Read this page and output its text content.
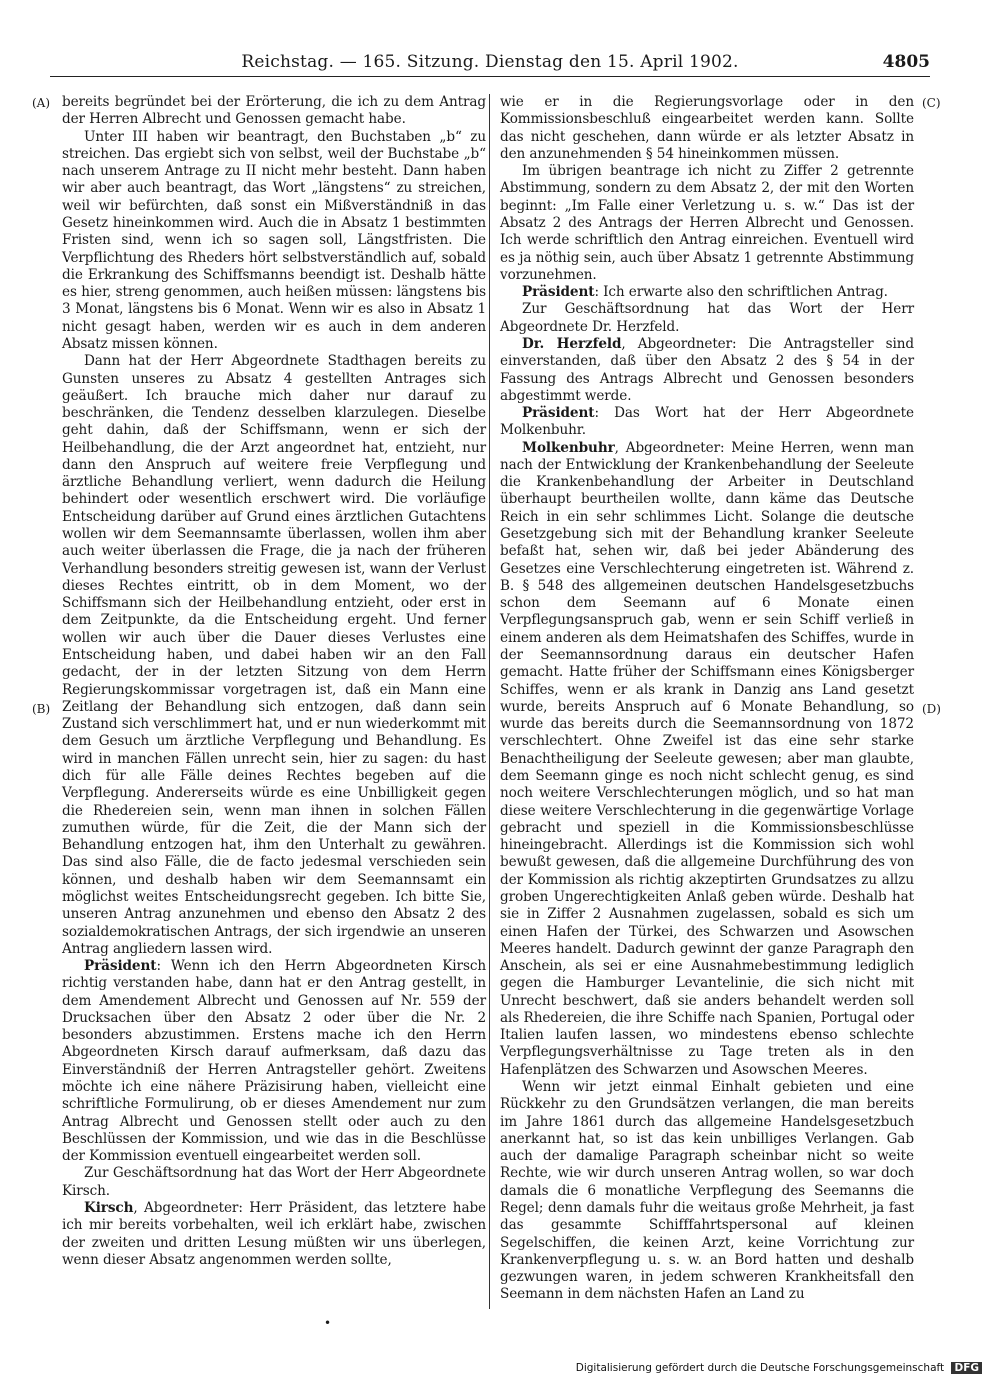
Reichstag. — 165. Sitzung. Dienstag den 15. April 1902.	4805
(A)
(B)
(C)
(D)

bereits begründet bei der Erörterung, die ich zu dem Antrag der Herren Albrecht und Genossen gemacht habe.

Unter III haben wir beantragt, den Buchstaben „b“ zu streichen. Das ergiebt sich von selbst, weil der Buchstabe „b“ nach unserem Antrage zu II nicht mehr besteht. Dann haben wir aber auch beantragt, das Wort „längstens“ zu streichen, weil wir befürchten, daß sonst ein Mißverständniß in das Gesetz hineinkommen wird. Auch die in Absatz 1 bestimmten Fristen sind, wenn ich so sagen soll, Längstfristen. Die Verpflichtung des Rheders hört selbstverständlich auf, sobald die Erkrankung des Schiffsmanns beendigt ist. Deshalb hätte es hier, streng genommen, auch heißen müssen: längstens bis 3 Monat, längstens bis 6 Monat. Wenn wir es also in Absatz 1 nicht gesagt haben, werden wir es auch in dem anderen Absatz missen können.

Dann hat der Herr Abgeordnete Stadthagen bereits zu Gunsten unseres zu Absatz 4 gestellten Antrages sich geäußert. Ich brauche mich daher nur darauf zu beschränken, die Tendenz desselben klarzulegen. Dieselbe geht dahin, daß der Schiffsmann, wenn er sich der Heilbehandlung, die der Arzt angeordnet hat, entzieht, nur dann den Anspruch auf weitere freie Verpflegung und ärztliche Behandlung verliert, wenn dadurch die Heilung behindert oder wesentlich erschwert wird. Die vorläufige Entscheidung darüber auf Grund eines ärztlichen Gutachtens wollen wir dem Seemannsamte überlassen, wollen ihm aber auch weiter überlassen die Frage, die ja nach der früheren Verhandlung besonders streitig gewesen ist, wann der Verlust dieses Rechtes eintritt, ob in dem Moment, wo der Schiffsmann sich der Heilbehandlung entzieht, oder erst in dem Zeitpunkte, da die Entscheidung ergeht. Und ferner wollen wir auch über die Dauer dieses Verlustes eine Entscheidung haben, und dabei haben wir an den Fall gedacht, der in der letzten Sitzung von dem Herrn Regierungskommissar vorgetragen ist, daß ein Mann eine Zeitlang der Behandlung sich entzogen, daß dann sein Zustand sich verschlimmert hat, und er nun wiederkommt mit dem Gesuch um ärztliche Verpflegung und Behandlung. Es wird in manchen Fällen unrecht sein, hier zu sagen: du hast dich für alle Fälle deines Rechtes begeben auf die Verpflegung. Andererseits würde es eine Unbilligkeit gegen die Rhedereien sein, wenn man ihnen in solchen Fällen zumuthen würde, für die Zeit, die der Mann sich der Behandlung entzogen hat, ihm den Unterhalt zu gewähren. Das sind also Fälle, die de facto jedesmal verschieden sein können, und deshalb haben wir dem Seemannsamt ein möglichst weites Entscheidungsrecht gegeben. Ich bitte Sie, unseren Antrag anzunehmen und ebenso den Absatz 2 des sozialdemokratischen Antrags, der sich irgendwie an unseren Antrag angliedern lassen wird.

Präsident: Wenn ich den Herrn Abgeordneten Kirsch richtig verstanden habe, dann hat er den Antrag gestellt, in dem Amendement Albrecht und Genossen auf Nr. 559 der Drucksachen über den Absatz 2 oder über die Nr. 2 besonders abzustimmen. Erstens mache ich den Herrn Abgeordneten Kirsch darauf aufmerksam, daß dazu das Einverständniß der Herren Antragsteller gehört. Zweitens möchte ich eine nähere Präzisirung haben, vielleicht eine schriftliche Formulirung, ob er dieses Amendement nur zum Antrag Albrecht und Genossen stellt oder auch zu den Beschlüssen der Kommission, und wie das in die Beschlüsse der Kommission eventuell eingearbeitet werden soll.

Zur Geschäftsordnung hat das Wort der Herr Abgeordnete Kirsch.

Kirsch, Abgeordneter: Herr Präsident, das letztere habe ich mir bereits vorbehalten, weil ich erklärt habe, zwischen der zweiten und dritten Lesung müßten wir uns überlegen, wenn dieser Absatz angenommen werden sollte,

wie er in die Regierungsvorlage oder in den Kommissionsbeschluß eingearbeitet werden kann. Sollte das nicht geschehen, dann würde er als letzter Absatz in den anzunehmenden § 54 hineinkommen müssen.

Im übrigen beantrage ich nicht zu Ziffer 2 getrennte Abstimmung, sondern zu dem Absatz 2, der mit den Worten beginnt: „Im Falle einer Verletzung u. s. w.“ Das ist der Absatz 2 des Antrags der Herren Albrecht und Genossen. Ich werde schriftlich den Antrag einreichen. Eventuell wird es ja nöthig sein, auch über Absatz 1 getrennte Abstimmung vorzunehmen.

Präsident: Ich erwarte also den schriftlichen Antrag.

Zur Geschäftsordnung hat das Wort der Herr Abgeordnete Dr. Herzfeld.

Dr. Herzfeld, Abgeordneter: Die Antragsteller sind einverstanden, daß über den Absatz 2 des § 54 in der Fassung des Antrags Albrecht und Genossen besonders abgestimmt werde.

Präsident: Das Wort hat der Herr Abgeordnete Molkenbuhr.

Molkenbuhr, Abgeordneter: Meine Herren, wenn man nach der Entwicklung der Krankenbehandlung der Seeleute die Krankenbehandlung der Arbeiter in Deutschland überhaupt beurtheilen wollte, dann käme das Deutsche Reich in ein sehr schlimmes Licht. Solange die deutsche Gesetzgebung sich mit der Behandlung kranker Seeleute befaßt hat, sehen wir, daß bei jeder Abänderung des Gesetzes eine Verschlechterung eingetreten ist. Während z. B. § 548 des allgemeinen deutschen Handelsgesetzbuchs schon dem Seemann auf 6 Monate einen Verpflegungsanspruch gab, wenn er sein Schiff verließ in einem anderen als dem Heimatshafen des Schiffes, wurde in der Seemannsordnung daraus ein deutscher Hafen gemacht. Hatte früher der Schiffsmann eines Königsberger Schiffes, wenn er als krank in Danzig ans Land gesetzt wurde, bereits Anspruch auf 6 Monate Behandlung, so wurde das bereits durch die Seemannsordnung von 1872 verschlechtert. Ohne Zweifel ist das eine sehr starke Benachtheiligung der Seeleute gewesen; aber man glaubte, dem Seemann ginge es noch nicht schlecht genug, es sind noch weitere Verschlechterungen möglich, und so hat man diese weitere Verschlechterung in die gegenwärtige Vorlage gebracht und speziell in die Kommissionsbeschlüsse hineingebracht. Allerdings ist die Kommission sich wohl bewußt gewesen, daß die allgemeine Durchführung des von der Kommission als richtig akzeptirten Grundsatzes zu allzu groben Ungerechtigkeiten Anlaß geben würde. Deshalb hat sie in Ziffer 2 Ausnahmen zugelassen, sobald es sich um einen Hafen der Türkei, des Schwarzen und Asowschen Meeres handelt. Dadurch gewinnt der ganze Paragraph den Anschein, als sei er eine Ausnahmebestimmung lediglich gegen die Hamburger Levantelinie, die sich nicht mit Unrecht beschwert, daß sie anders behandelt werden soll als Rhedereien, die ihre Schiffe nach Spanien, Portugal oder Italien laufen lassen, wo mindestens ebenso schlechte Verpflegungsverhältnisse zu Tage treten als in den Hafenplätzen des Schwarzen und Asowschen Meeres.

Wenn wir jetzt einmal Einhalt gebieten und eine Rückkehr zu den Grundsätzen verlangen, die man bereits im Jahre 1861 durch das allgemeine Handelsgesetzbuch anerkannt hat, so ist das kein unbilliges Verlangen. Gab auch der damalige Paragraph scheinbar nicht so weite Rechte, wie wir durch unseren Antrag wollen, so war doch damals die 6 monatliche Verpflegung des Seemanns die Regel; denn damals fuhr die weitaus große Mehrheit, ja fast das gesammte Schifffahrtspersonal auf kleinen Segelschiffen, die keinen Arzt, keine Vorrichtung zur Krankenverpflegung u. s. w. an Bord hatten und deshalb gezwungen waren, in jedem schweren Krankheitsfall den Seemann in dem nächsten Hafen an Land zu

•
Digitalisierung gefördert durch die Deutsche Forschungsgemeinschaft DFG
